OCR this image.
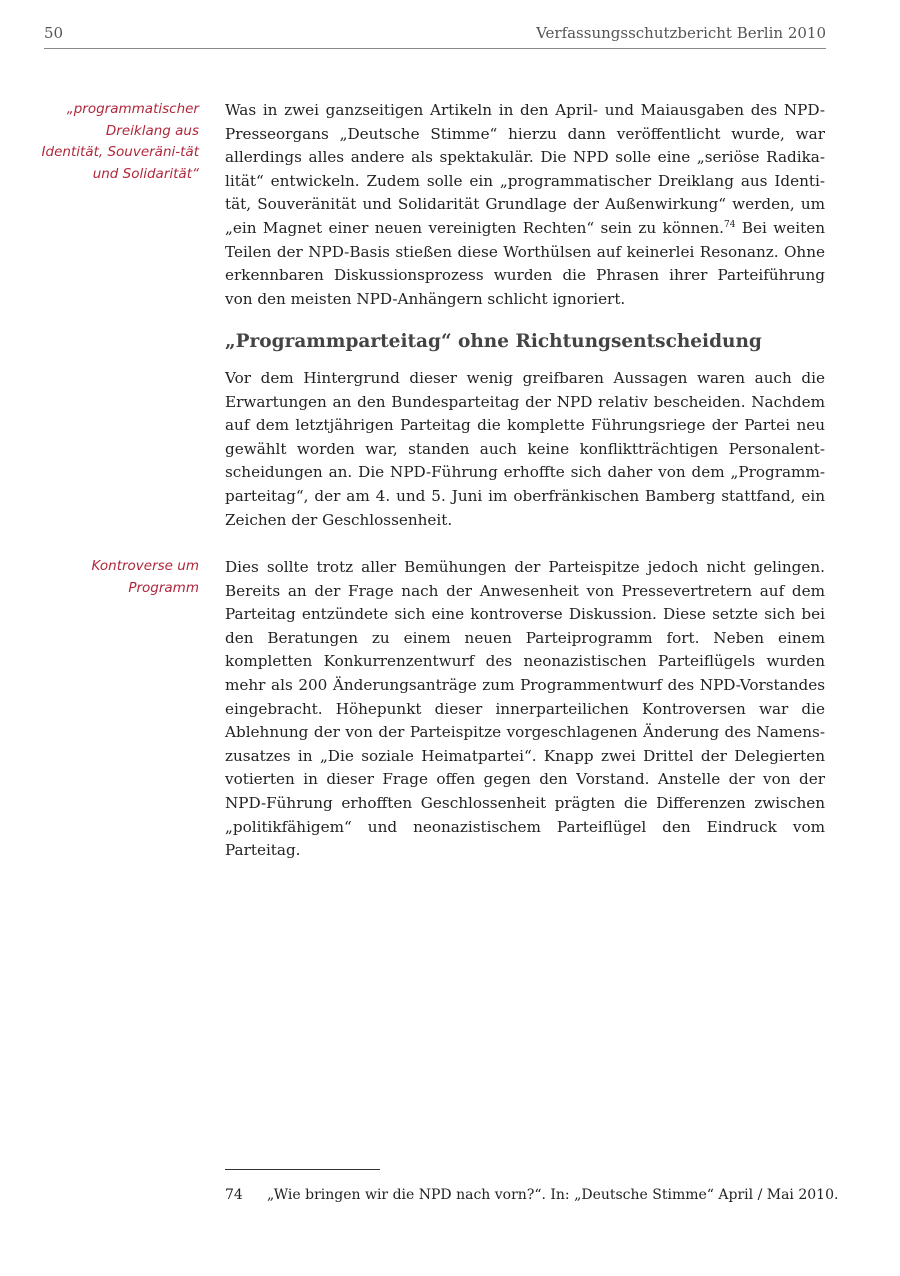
50	Verfassungsschutzbericht Berlin 2010
„programmatischer Dreiklang aus Identität, Souveräni-tät und Solidarität“

Was in zwei ganzseitigen Artikeln in den April- und Maiausgaben des NPD-Presseorgans „Deutsche Stimme“ hierzu dann veröffentlicht wurde, war allerdings alles andere als spektakulär. Die NPD solle eine „seriöse Radikalität“ entwickeln. Zudem solle ein „programmatischer Dreiklang aus Identität, Souveränität und Solidarität Grundlage der Außenwirkung“ werden, um „ein Magnet einer neuen vereinigten Rechten“ sein zu können.$^{74}$ Bei weiten Teilen der NPD-Basis stießen diese Worthülsen auf keinerlei Resonanz. Ohne erkennbaren Diskussionsprozess wurden die Phrasen ihrer Parteiführung von den meisten NPD-Anhängern schlicht ignoriert.

„Programmparteitag“ ohne Richtungsentscheidung

Vor dem Hintergrund dieser wenig greifbaren Aussagen waren auch die Erwartungen an den Bundesparteitag der NPD relativ bescheiden. Nachdem auf dem letztjährigen Parteitag die komplette Führungsriege der Partei neu gewählt worden war, standen auch keine konfliktträchtigen Personalentscheidungen an. Die NPD-Führung erhoffte sich daher von dem „Programmparteitag“, der am 4. und 5. Juni im oberfränkischen Bamberg stattfand, ein Zeichen der Geschlossenheit.

Kontroverse um Programm

Dies sollte trotz aller Bemühungen der Parteispitze jedoch nicht gelingen. Bereits an der Frage nach der Anwesenheit von Pressevertretern auf dem Parteitag entzündete sich eine kontroverse Diskussion. Diese setzte sich bei den Beratungen zu einem neuen Parteiprogramm fort. Neben einem kompletten Konkurrenzentwurf des neonazistischen Parteiflügels wurden mehr als 200 Änderungsanträge zum Programmentwurf des NPD-Vorstandes eingebracht. Höhepunkt dieser innerparteilichen Kontroversen war die Ablehnung der von der Parteispitze vorgeschlagenen Änderung des Namenszusatzes in „Die soziale Heimatpartei“. Knapp zwei Drittel der Delegierten votierten in dieser Frage offen gegen den Vorstand. Anstelle der von der NPD-Führung erhofften Geschlossenheit prägten die Differenzen zwischen „politikfähigem“ und neonazistischem Parteiflügel den Eindruck vom Parteitag.

74 „Wie bringen wir die NPD nach vorn?“. In: „Deutsche Stimme“ April / Mai 2010.
